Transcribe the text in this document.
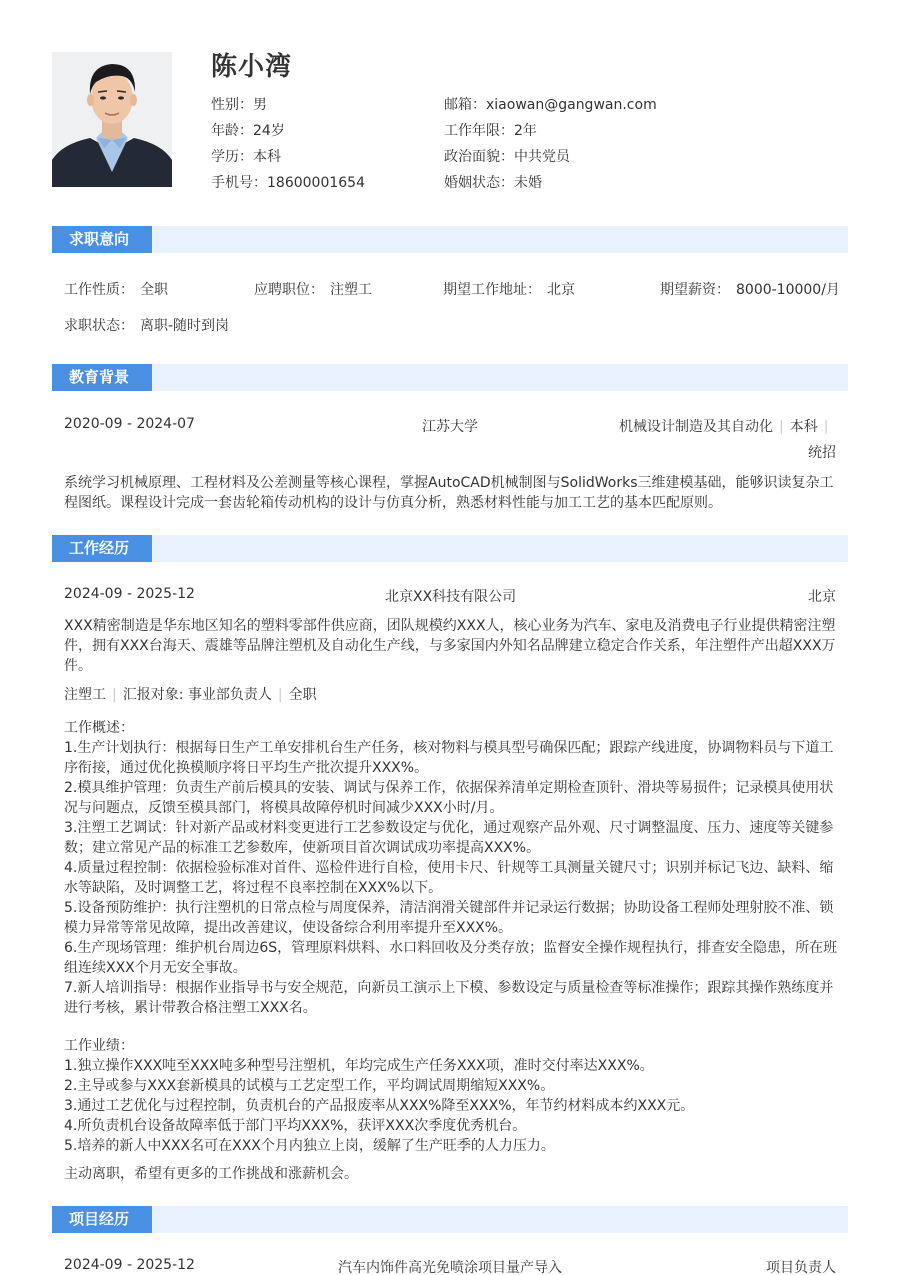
陈小湾
性别：男	邮箱：xiaowan@gangwan.com
年龄：24岁	工作年限：2年
学历：本科	政治面貌：中共党员
手机号：18600001654	婚姻状态：未婚
求职意向
工作性质： 全职	应聘职位： 注塑工	期望工作地址： 北京	期望薪资： 8000-10000/月
求职状态： 离职-随时到岗
教育背景
2020-09 - 2024-07	江苏大学	机械设计制造及其自动化 | 本科 |
统招
系统学习机械原理、工程材料及公差测量等核心课程，掌握AutoCAD机械制图与SolidWorks三维建模基础，能够识读复杂工程图纸。课程设计完成一套齿轮箱传动机构的设计与仿真分析，熟悉材料性能与加工工艺的基本匹配原则。
工作经历
2024-09 - 2025-12	北京XX科技有限公司	北京
XXX精密制造是华东地区知名的塑料零部件供应商，团队规模约XXX人，核心业务为汽车、家电及消费电子行业提供精密注塑件，拥有XXX台海天、震雄等品牌注塑机及自动化生产线，与多家国内外知名品牌建立稳定合作关系，年注塑件产出超XXX万件。
注塑工 | 汇报对象: 事业部负责人 | 全职
工作概述：
1.生产计划执行：根据每日生产工单安排机台生产任务，核对物料与模具型号确保匹配；跟踪产线进度，协调物料员与下道工序衔接，通过优化换模顺序将日平均生产批次提升XXX%。
2.模具维护管理：负责生产前后模具的安装、调试与保养工作，依据保养清单定期检查顶针、滑块等易损件；记录模具使用状况与问题点，反馈至模具部门，将模具故障停机时间减少XXX小时/月。
3.注塑工艺调试：针对新产品或材料变更进行工艺参数设定与优化，通过观察产品外观、尺寸调整温度、压力、速度等关键参数；建立常见产品的标准工艺参数库，使新项目首次调试成功率提高XXX%。
4.质量过程控制：依据检验标准对首件、巡检件进行自检，使用卡尺、针规等工具测量关键尺寸；识别并标记飞边、缺料、缩水等缺陷，及时调整工艺，将过程不良率控制在XXX%以下。
5.设备预防维护：执行注塑机的日常点检与周度保养，清洁润滑关键部件并记录运行数据；协助设备工程师处理射胶不准、锁模力异常等常见故障，提出改善建议，使设备综合利用率提升至XXX%。
6.生产现场管理：维护机台周边6S，管理原料烘料、水口料回收及分类存放；监督安全操作规程执行，排查安全隐患，所在班组连续XXX个月无安全事故。
7.新人培训指导：根据作业指导书与安全规范，向新员工演示上下模、参数设定与质量检查等标准操作；跟踪其操作熟练度并进行考核，累计带教合格注塑工XXX名。
工作业绩：
1.独立操作XXX吨至XXX吨多种型号注塑机，年均完成生产任务XXX项，准时交付率达XXX%。
2.主导或参与XXX套新模具的试模与工艺定型工作，平均调试周期缩短XXX%。
3.通过工艺优化与过程控制，负责机台的产品报废率从XXX%降至XXX%，年节约材料成本约XXX元。
4.所负责机台设备故障率低于部门平均XXX%，获评XXX次季度优秀机台。
5.培养的新人中XXX名可在XXX个月内独立上岗，缓解了生产旺季的人力压力。
主动离职，希望有更多的工作挑战和涨薪机会。
项目经历
2024-09 - 2025-12	汽车内饰件高光免喷涂项目量产导入	项目负责人
